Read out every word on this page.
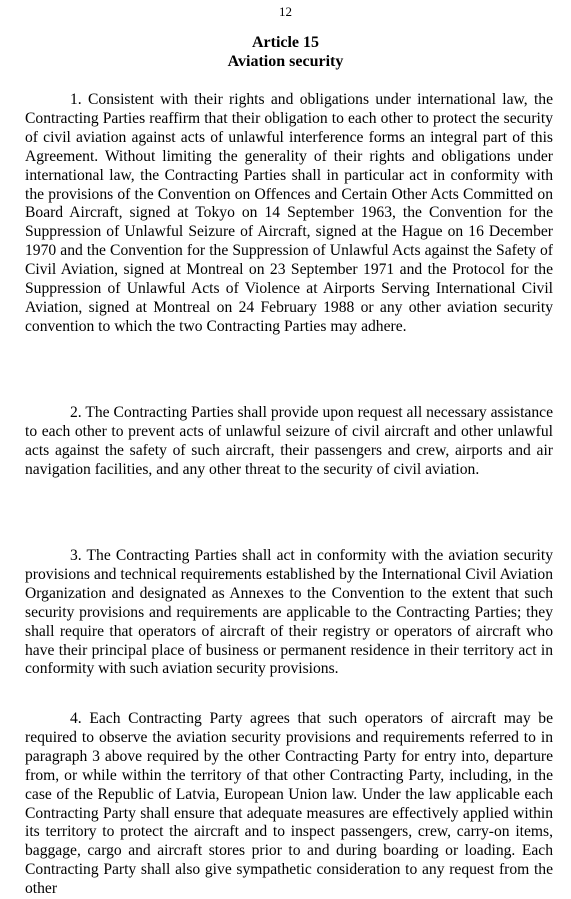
12
Article 15
Aviation security

1. Consistent with their rights and obligations under international law, the Contracting Parties reaffirm that their obligation to each other to protect the security of civil aviation against acts of unlawful interference forms an integral part of this Agreement. Without limiting the generality of their rights and obligations under international law, the Contracting Parties shall in particular act in conformity with the provisions of the Convention on Offences and Certain Other Acts Committed on Board Aircraft, signed at Tokyo on 14 September 1963, the Convention for the Suppression of Unlawful Seizure of Aircraft, signed at the Hague on 16 December 1970 and the Convention for the Suppression of Unlawful Acts against the Safety of Civil Aviation, signed at Montreal on 23 September 1971 and the Protocol for the Suppression of Unlawful Acts of Violence at Airports Serving International Civil Aviation, signed at Montreal on 24 February 1988 or any other aviation security convention to which the two Contracting Parties may adhere.

2. The Contracting Parties shall provide upon request all necessary assistance to each other to prevent acts of unlawful seizure of civil aircraft and other unlawful acts against the safety of such aircraft, their passengers and crew, airports and air navigation facilities, and any other threat to the security of civil aviation.

3. The Contracting Parties shall act in conformity with the aviation security provisions and technical requirements established by the International Civil Aviation Organization and designated as Annexes to the Convention to the extent that such security provisions and requirements are applicable to the Contracting Parties; they shall require that operators of aircraft of their registry or operators of aircraft who have their principal place of business or permanent residence in their territory act in conformity with such aviation security provisions.

4. Each Contracting Party agrees that such operators of aircraft may be required to observe the aviation security provisions and requirements referred to in paragraph 3 above required by the other Contracting Party for entry into, departure from, or while within the territory of that other Contracting Party, including, in the case of the Republic of Latvia, European Union law. Under the law applicable each Contracting Party shall ensure that adequate measures are effectively applied within its territory to protect the aircraft and to inspect passengers, crew, carry-on items, baggage, cargo and aircraft stores prior to and during boarding or loading. Each Contracting Party shall also give sympathetic consideration to any request from the other
